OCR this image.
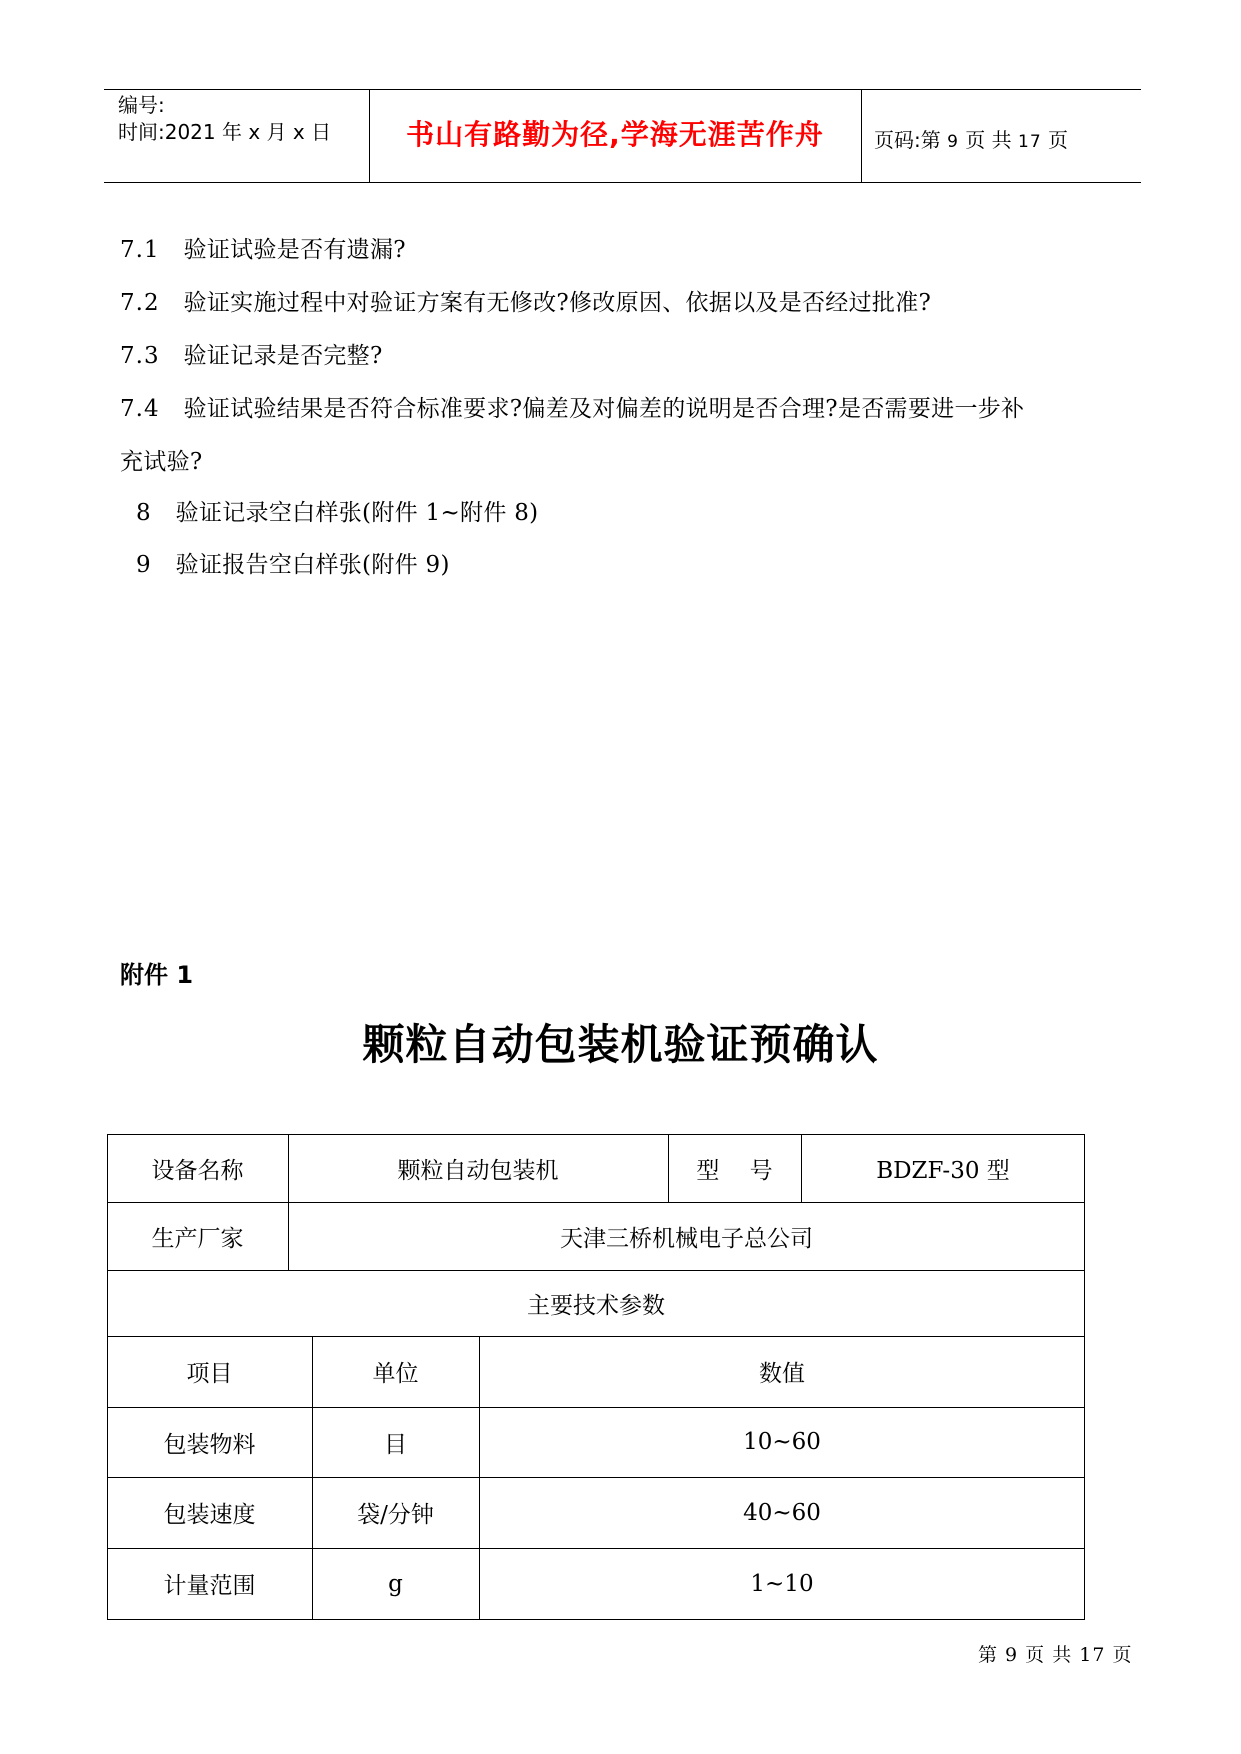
编号:
时间:2021 年 x 月 x 日	书山有路勤为径,学海无涯苦作舟	页码:第 9 页 共 17 页
7.1 验证试验是否有遗漏?
7.2 验证实施过程中对验证方案有无修改?修改原因、依据以及是否经过批准?
7.3 验证记录是否完整?
7.4 验证试验结果是否符合标准要求?偏差及对偏差的说明是否合理?是否需要进一步补
充试验?
8 验证记录空白样张(附件 1~附件 8)
9 验证报告空白样张(附件 9)
附件 1
颗粒自动包装机验证预确认
设备名称	颗粒自动包装机	型　 号	BDZF-30 型
生产厂家	天津三桥机械电子总公司
主要技术参数
项目	单位	数值
包装物料	目	10~60
包装速度	袋/分钟	40~60
计量范围	g	1~10
第 9 页 共 17 页
